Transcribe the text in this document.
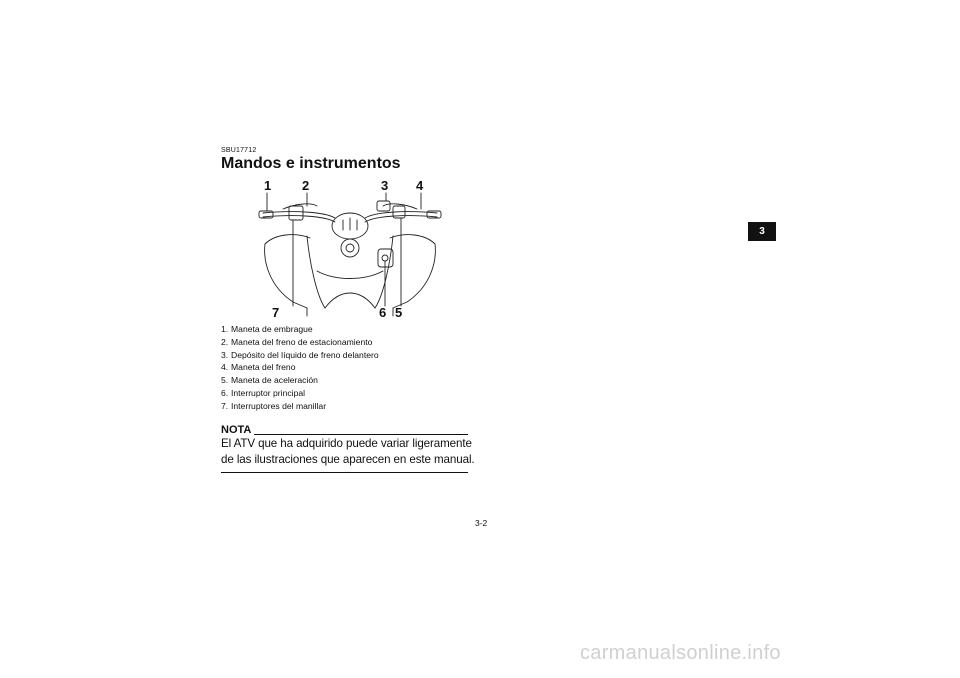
SBU17712
Mandos e instrumentos
1 2	3 4
7	6 5
1. Maneta de embrague
2. Maneta del freno de estacionamiento
3. Depósito del líquido de freno delantero
4. Maneta del freno
5. Maneta de aceleración
6. Interruptor principal
7. Interruptores del manillar
NOTA
El ATV que ha adquirido puede variar ligeramente
de las ilustraciones que aparecen en este manual.
3-2
3
carmanualsonline.info
